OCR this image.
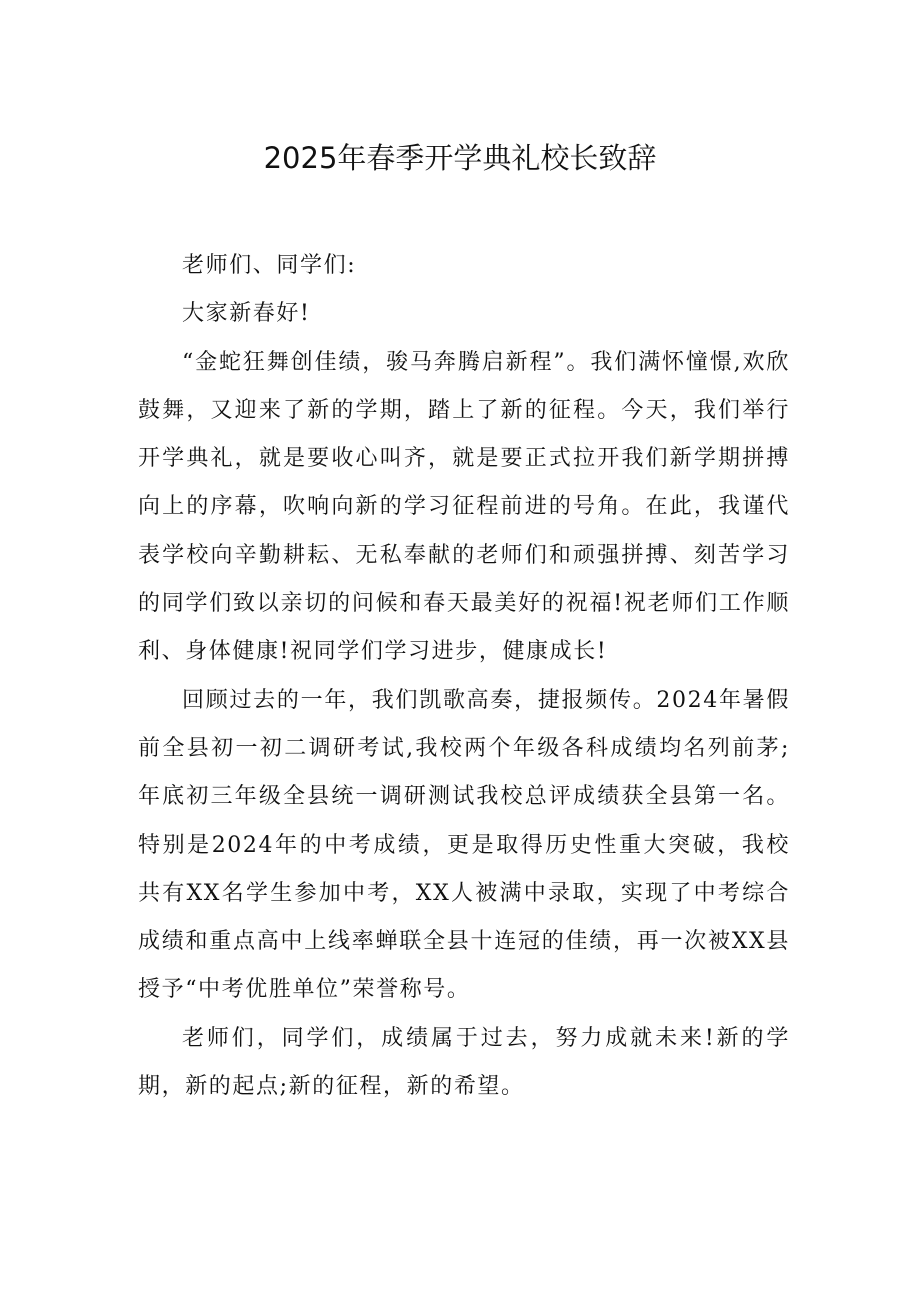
2025年春季开学典礼校长致辞

老师们、同学们:

大家新春好!

“金蛇狂舞创佳绩，骏马奔腾启新程”。我们满怀憧憬,欢欣鼓舞，又迎来了新的学期，踏上了新的征程。今天，我们举行开学典礼，就是要收心叫齐，就是要正式拉开我们新学期拼搏向上的序幕，吹响向新的学习征程前进的号角。在此，我谨代表学校向辛勤耕耘、无私奉献的老师们和顽强拼搏、刻苦学习的同学们致以亲切的问候和春天最美好的祝福!祝老师们工作顺利、身体健康!祝同学们学习进步，健康成长!

回顾过去的一年，我们凯歌高奏，捷报频传。2024年暑假前全县初一初二调研考试,我校两个年级各科成绩均名列前茅;年底初三年级全县统一调研测试我校总评成绩获全县第一名。特别是2024年的中考成绩，更是取得历史性重大突破，我校共有XX名学生参加中考，XX人被满中录取，实现了中考综合成绩和重点高中上线率蝉联全县十连冠的佳绩，再一次被XX县授予“中考优胜单位”荣誉称号。

老师们，同学们，成绩属于过去，努力成就未来!新的学期，新的起点;新的征程，新的希望。
